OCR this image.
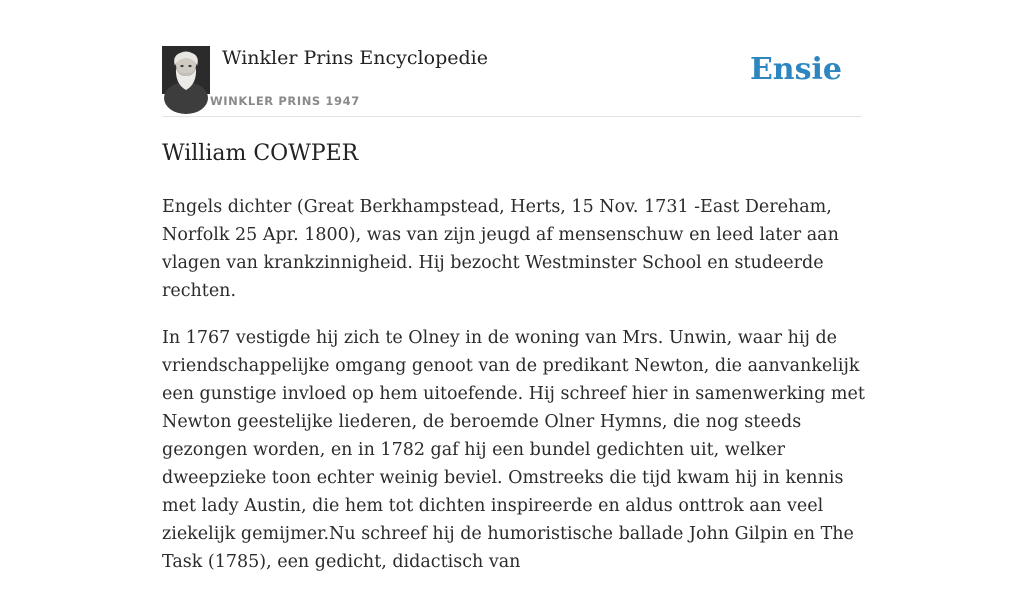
Winkler Prins Encyclopedie
WINKLER PRINS 1947
Ensie
William COWPER

Engels dichter (Great Berkhampstead, Herts, 15 Nov. 1731 -East Dereham, Norfolk 25 Apr. 1800), was van zijn jeugd af mensenschuw en leed later aan vlagen van krankzinnigheid. Hij bezocht Westminster School en studeerde rechten.

In 1767 vestigde hij zich te Olney in de woning van Mrs. Unwin, waar hij de vriendschappelijke omgang genoot van de predikant Newton, die aanvankelijk een gunstige invloed op hem uitoefende. Hij schreef hier in samenwerking met Newton geestelijke liederen, de beroemde Olner Hymns, die nog steeds gezongen worden, en in 1782 gaf hij een bundel gedichten uit, welker dweepzieke toon echter weinig beviel. Omstreeks die tijd kwam hij in kennis met lady Austin, die hem tot dichten inspireerde en aldus onttrok aan veel ziekelijk gemijmer.Nu schreef hij de humoristische ballade John Gilpin en The Task (1785), een gedicht, didactisch van
